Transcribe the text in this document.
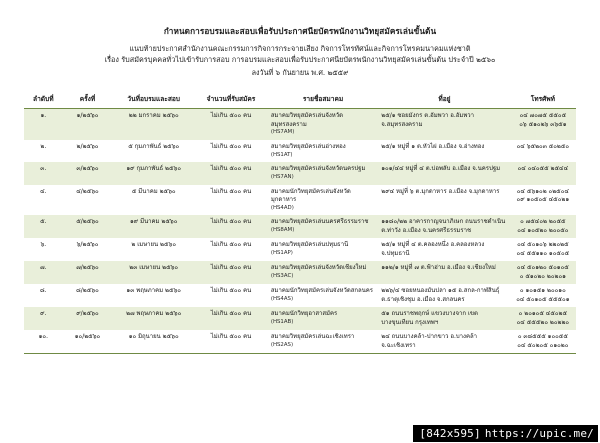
กำหนดการอบรมและสอบเพื่อรับประกาศนียบัตรพนักงานวิทยุสมัครเล่นขั้นต้น
แนบท้ายประกาศสำนักงานคณะกรรมการกิจการกระจายเสียง กิจการโทรทัศน์และกิจการโทรคมนาคมแห่งชาติ
เรื่อง รับสมัครบุคคลทั่วไปเข้ารับการสอบ การอบรมและสอบเพื่อรับประกาศนียบัตรพนักงานวิทยุสมัครเล่นขั้นต้น ประจำปี ๒๕๖๐
ลงวันที่ ๖ กันยายน พ.ศ. ๒๕๕๙
ลำดับที่	ครั้งที่	วันที่อบรมและสอบ	จำนวนที่รับสมัคร	รายชื่อสมาคม	ที่อยู่	โทรศัพท์
๑.	๑/๒๕๖๐	๒๒ มกราคม ๒๕๖๐	ไม่เกิน ๕๐๐ คน	สมาคมวิทยุสมัครเล่นจังหวัดสมุทรสงคราม
(HS7AM)	๒๕/๑ ซอยมังกร ต.อัมพวา อ.อัมพวา จ.สมุทรสงคราม	๐๔ ๗๐๗๕ ๕๕๐๕
๐๖ ๕๑๐๒๖ ๓๖๕๑

๒.	๒/๒๕๖๐	๕ กุมภาพันธ์ ๒๕๖๐	ไม่เกิน ๕๐๐ คน	สมาคมวิทยุสมัครเล่นอ่างทอง
(HS1AT)	๒๕/๑ หมู่ที่ ๑ ต.หัวไผ่ อ.เมือง จ.อ่างทอง	๐๔ ๖๕๒๐๓ ๕๐๒๕๐

๓.	๓/๒๕๖๐	๑๙ กุมภาพันธ์ ๒๕๖๐	ไม่เกิน ๕๐๐ คน	สมาคมวิทยุสมัครเล่นจังหวัดนครปฐม
(HS7AN)	๑๐๑/๔๔ หมู่ที่ ๔ ต.บ่อพลับ อ.เมือง จ.นครปฐม	๐๔ ๐๔๐๕๕ ๒๕๔๔

๔.	๔/๒๕๖๐	๕ มีนาคม ๒๕๖๐	ไม่เกิน ๕๐๐ คน	สมาคมนักวิทยุสมัครเล่นจังหวัดมุกดาหาร
(HS4AD)	๒๙๔ หมู่ที่ ๖ ต.มุกดาหาร อ.เมือง จ.มุกดาหาร	๐๔ ๕๖๑๐๒ ๐๒๕๐๔
๐๙ ๑๐๕๐๕ ๔๕๐๒๑

๕.	๕/๒๕๖๐	๑๙ มีนาคม ๒๕๖๐	ไม่เกิน ๕๐๐ คน	สมาคมวิทยุสมัครเล่นนครศรีธรรมราช
(HS8AM)	๑๑๘๐/๒๒ อาคารกาญจนาภิเษก ถนนราชดำเนิน
ต.ท่าวัง อ.เมือง จ.นครศรีธรรมราช	๐ ๗๕๔๐๒ ๒๐๕๕
๐๔ ๑๐๕๒๐ ๒๐๐๕๐

๖.	๖/๒๕๖๐	๒ เมษายน ๒๕๖๐	ไม่เกิน ๕๐๐ คน	สมาคมวิทยุสมัครเล่นปทุมธานี
(HS1AP)	๒๕/๑ หมู่ที่ ๔ ต.คลองหนึ่ง อ.คลองหลวง จ.ปทุมธานี	๐๔ ๕๐๑๐๖ ๒๒๐๒๕
๐๔ ๕๕๑๑๐ ๑๐๕๐๕

๗.	๗/๒๕๖๐	๒๓ เมษายน ๒๕๖๐	ไม่เกิน ๕๐๐ คน	สมาคมวิทยุสมัครเล่นจังหวัดเชียงใหม่
(HS3AC)	๑๑๒/๑ หมู่ที่ ๗ ต.ฟ้าฮ่าม อ.เมือง จ.เชียงใหม่	๐๔ ๕๐๑๒๐ ๕๐๑๐๕
๐ ๕๑๐๒๐ ๒๐๒๐๑

๘.	๘/๒๕๖๐	๑๓ พฤษภาคม ๒๕๖๐	ไม่เกิน ๕๐๐ คน	สมาคมนักวิทยุสมัครเล่นจังหวัดสกลนคร
(HS4AS)	๒๒๖/๔ ซอยหนองมันปลา ๑๕ อ.สกล-กาฬสินธุ์
ต.ธาตุเชิงชุม อ.เมือง จ.สกลนคร	๐ ๑๐๑๕๑ ๒๐๐๑๐
๐๔ ๕๐๑๐๕ ๕๕๕๐๑

๙.	๙/๒๕๖๐	๒๗ พฤษภาคม ๒๕๖๐	ไม่เกิน ๕๐๐ คน	สมาคมนักวิทยุอาสาสมัคร
(HS1AB)	๕๑ ถนนราชพฤกษ์ แขวงบางจาก เขตบางขุนเทียน กรุงเทพฯ	๐ ๒๐๑๐๕ ๔๕๐๒๕
๐๔ ๕๕๕๒๐ ๒๐๒๒๐

๑๐.	๑๐/๒๕๖๐	๑๐ มิถุนายน ๒๕๖๐	ไม่เกิน ๕๐๐ คน	สมาคมวิทยุสมัครเล่นฉะเชิงเทรา
(HS2AS)	๒๔ ถนนบางคล้า-ปากขาว อ.บางคล้า จ.ฉะเชิงเทรา	๐ ๓๘๕๕๕ ๑๐๐๕๕
๐๔ ๕๐๒๐๕ ๐๑๐๒๐
[842x595] https://upic.me/
